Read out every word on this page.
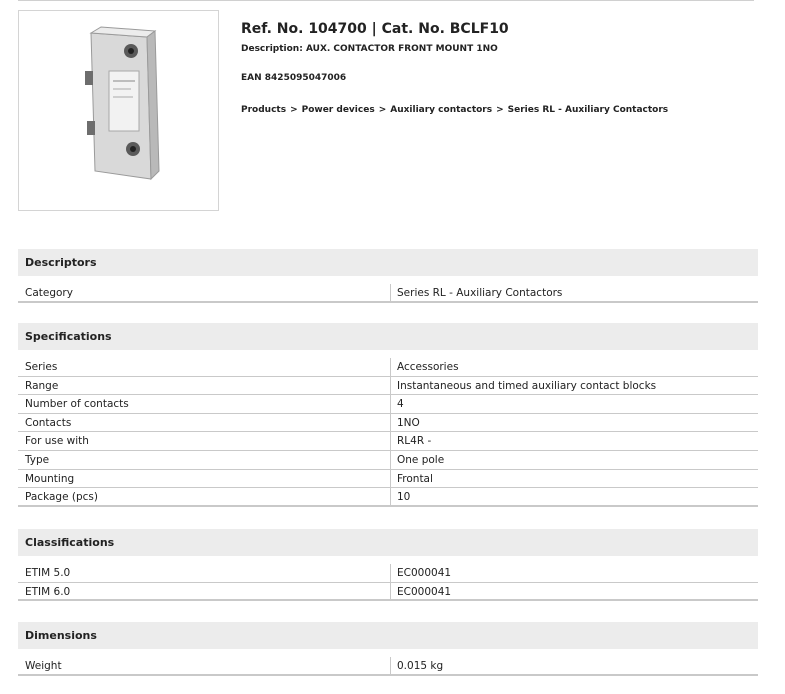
Ref. No. 104700 | Cat. No. BCLF10
Description: AUX. CONTACTOR FRONT MOUNT 1NO
EAN 8425095047006
Products > Power devices > Auxiliary contactors > Series RL - Auxiliary Contactors
Descriptors
Category	Series RL - Auxiliary Contactors
Specifications
Series	Accessories
Range	Instantaneous and timed auxiliary contact blocks
Number of contacts	4
Contacts	1NO
For use with	RL4R -
Type	One pole
Mounting	Frontal
Package (pcs)	10
Classifications
ETIM 5.0	EC000041
ETIM 6.0	EC000041
Dimensions
Weight	0.015 kg
